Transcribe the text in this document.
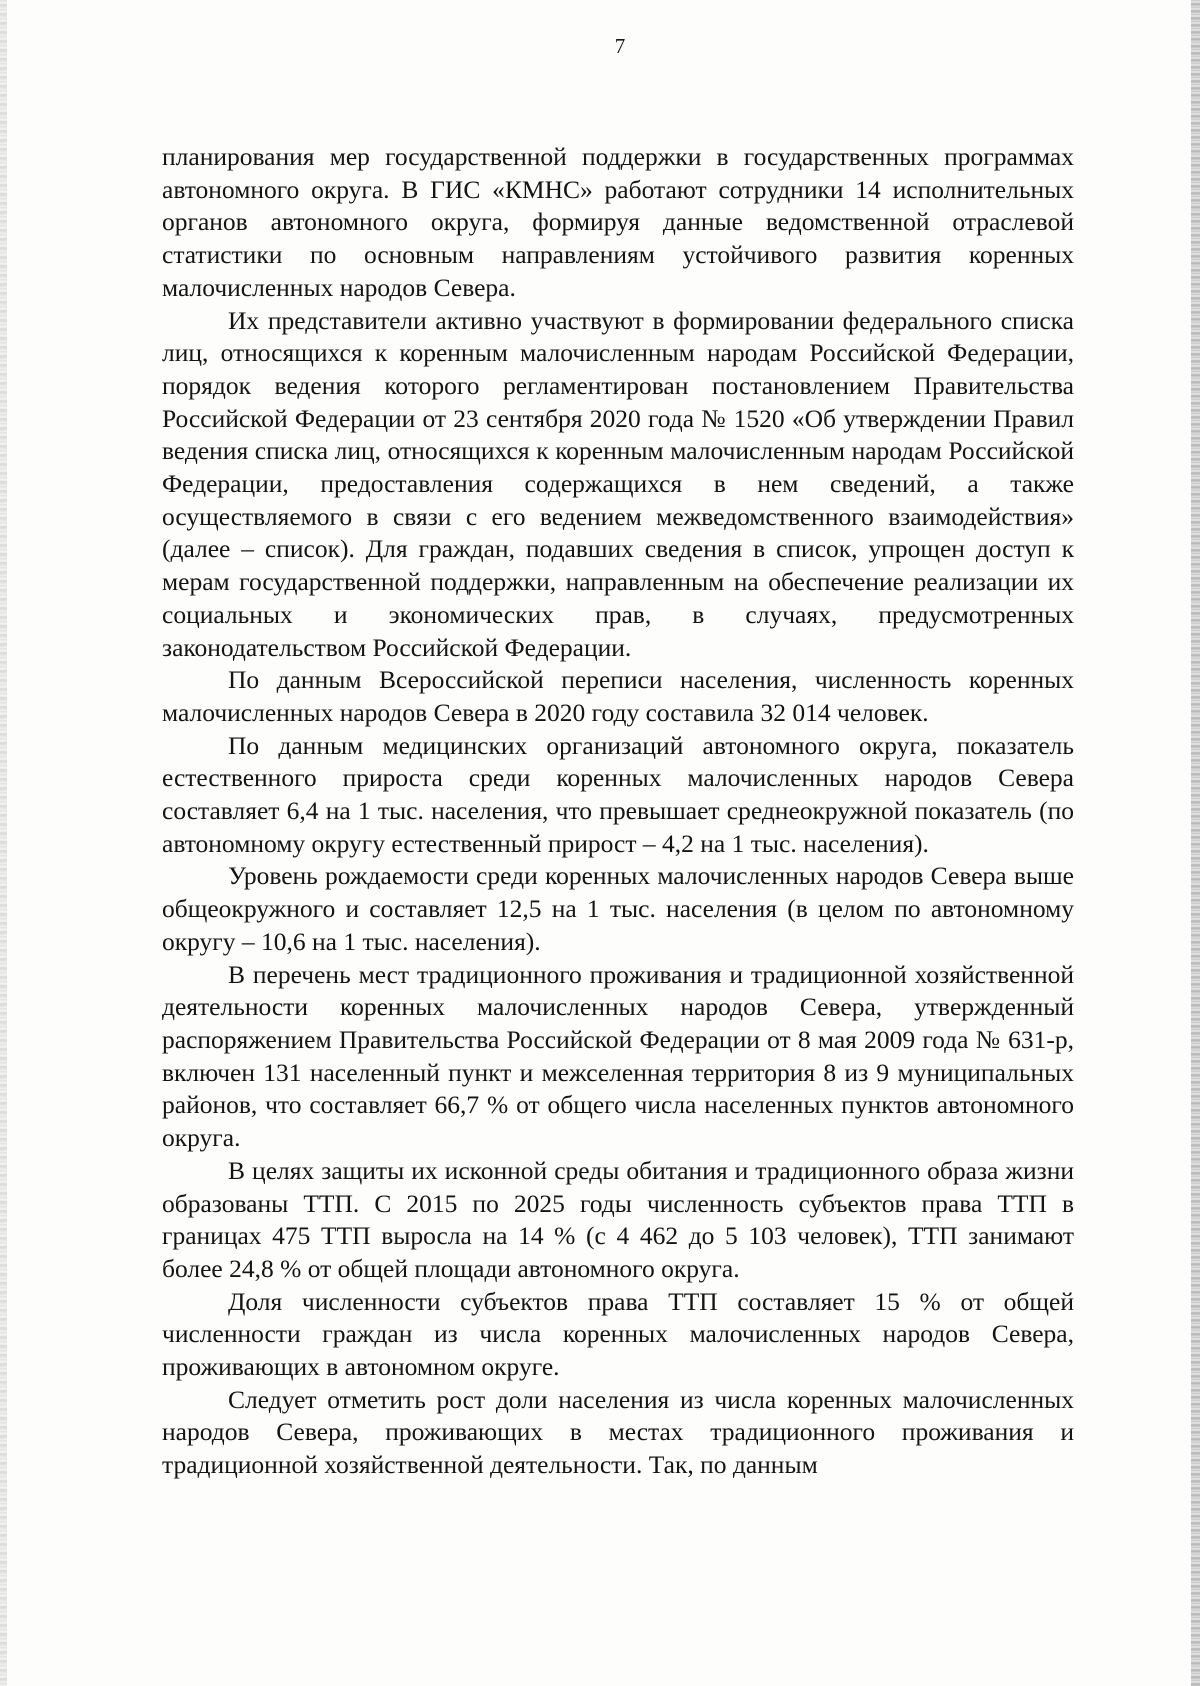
7

планирования мер государственной поддержки в государственных программах автономного округа. В ГИС «КМНС» работают сотрудники 14 исполнительных органов автономного округа, формируя данные ведомственной отраслевой статистики по основным направлениям устойчивого развития коренных малочисленных народов Севера.

Их представители активно участвуют в формировании федерального списка лиц, относящихся к коренным малочисленным народам Российской Федерации, порядок ведения которого регламентирован постановлением Правительства Российской Федерации от 23 сентября 2020 года № 1520 «Об утверждении Правил ведения списка лиц, относящихся к коренным малочисленным народам Российской Федерации, предоставления содержащихся в нем сведений, а также осуществляемого в связи с его ведением межведомственного взаимодействия» (далее – список). Для граждан, подавших сведения в список, упрощен доступ к мерам государственной поддержки, направленным на обеспечение реализации их социальных и экономических прав, в случаях, предусмотренных законодательством Российской Федерации.

По данным Всероссийской переписи населения, численность коренных малочисленных народов Севера в 2020 году составила 32 014 человек.

По данным медицинских организаций автономного округа, показатель естественного прироста среди коренных малочисленных народов Севера составляет 6,4 на 1 тыс. населения, что превышает среднеокружной показатель (по автономному округу естественный прирост – 4,2 на 1 тыс. населения).

Уровень рождаемости среди коренных малочисленных народов Севера выше общеокружного и составляет 12,5 на 1 тыс. населения (в целом по автономному округу – 10,6 на 1 тыс. населения).

В перечень мест традиционного проживания и традиционной хозяйственной деятельности коренных малочисленных народов Севера, утвержденный распоряжением Правительства Российской Федерации от 8 мая 2009 года № 631-р, включен 131 населенный пункт и межселенная территория 8 из 9 муниципальных районов, что составляет 66,7 % от общего числа населенных пунктов автономного округа.

В целях защиты их исконной среды обитания и традиционного образа жизни образованы ТТП. С 2015 по 2025 годы численность субъектов права ТТП в границах 475 ТТП выросла на 14 % (с 4 462 до 5 103 человек), ТТП занимают более 24,8 % от общей площади автономного округа.

Доля численности субъектов права ТТП составляет 15 % от общей численности граждан из числа коренных малочисленных народов Севера, проживающих в автономном округе.

Следует отметить рост доли населения из числа коренных малочисленных народов Севера, проживающих в местах традиционного проживания и традиционной хозяйственной деятельности. Так, по данным
